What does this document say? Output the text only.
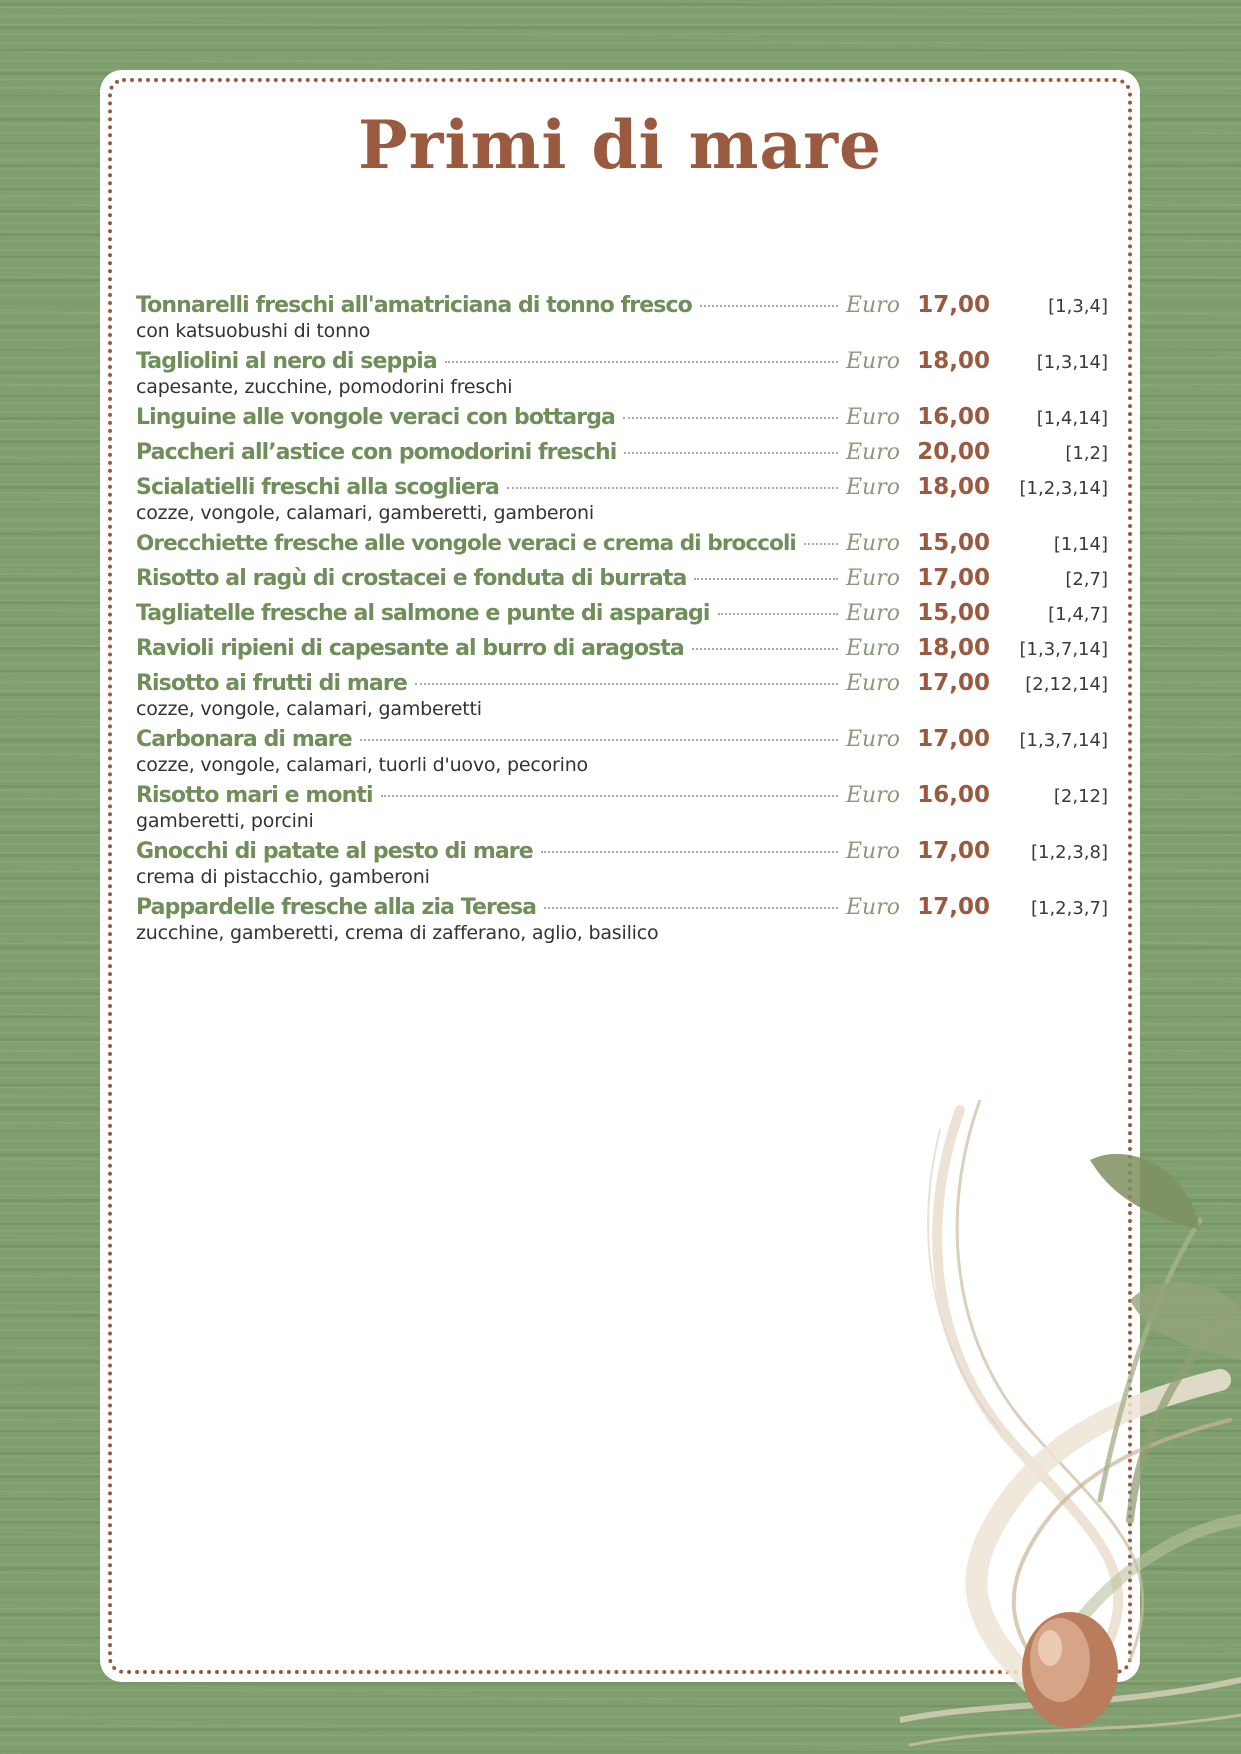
Primi di mare
Tonnarelli freschi all'amatriciana di tonno fresco	Euro 17,00	[1,3,4]
con katsuobushi di tonno
Tagliolini al nero di seppia	Euro 18,00	[1,3,14]
capesante, zucchine, pomodorini freschi
Linguine alle vongole veraci con bottarga	Euro 16,00	[1,4,14]
Paccheri all’astice con pomodorini freschi	Euro 20,00	[1,2]
Scialatielli freschi alla scogliera	Euro 18,00	[1,2,3,14]
cozze, vongole, calamari, gamberetti, gamberoni
Orecchiette fresche alle vongole veraci e crema di broccoli Euro 15,00	[1,14]
Risotto al ragù di crostacei e fonduta di burrata	Euro 17,00	[2,7]
Tagliatelle fresche al salmone e punte di asparagi	Euro 15,00	[1,4,7]
Ravioli ripieni di capesante al burro di aragosta	Euro 18,00	[1,3,7,14]
Risotto ai frutti di mare	Euro 17,00	[2,12,14]
cozze, vongole, calamari, gamberetti
Carbonara di mare	Euro 17,00	[1,3,7,14]
cozze, vongole, calamari, tuorli d'uovo, pecorino
Risotto mari e monti	Euro 16,00	[2,12]
gamberetti, porcini
Gnocchi di patate al pesto di mare	Euro 17,00	[1,2,3,8]
crema di pistacchio, gamberoni
Pappardelle fresche alla zia Teresa	Euro 17,00	[1,2,3,7]
zucchine, gamberetti, crema di zafferano, aglio, basilico
